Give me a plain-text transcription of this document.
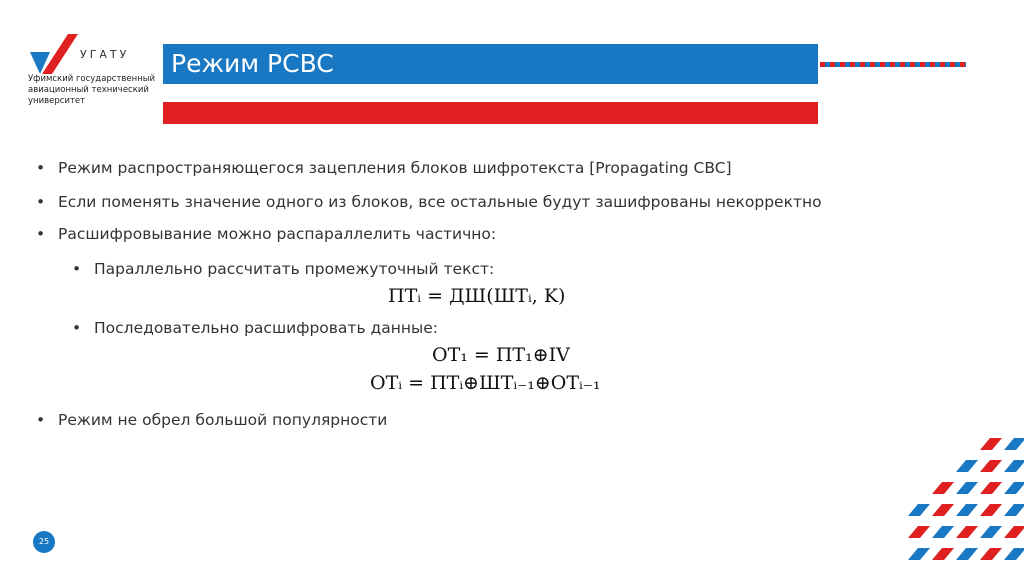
УГАТУ
Уфимский государственный авиационный технический университет
Режим PCBC
• Режим распространяющегося зацепления блоков шифротекста [Propagating CBC]
• Если поменять значение одного из блоков, все остальные будут зашифрованы некорректно
• Расшифровывание можно распараллелить частично:
• Параллельно рассчитать промежуточный текст:
• Последовательно расшифровать данные:
• Режим не обрел большой популярности
ПТᵢ = ДШ(ШТᵢ, K)
ОТ₁ = ПТ₁⊕IV
ОТᵢ = ПТᵢ⊕ШТᵢ₋₁⊕ОТᵢ₋₁
25
